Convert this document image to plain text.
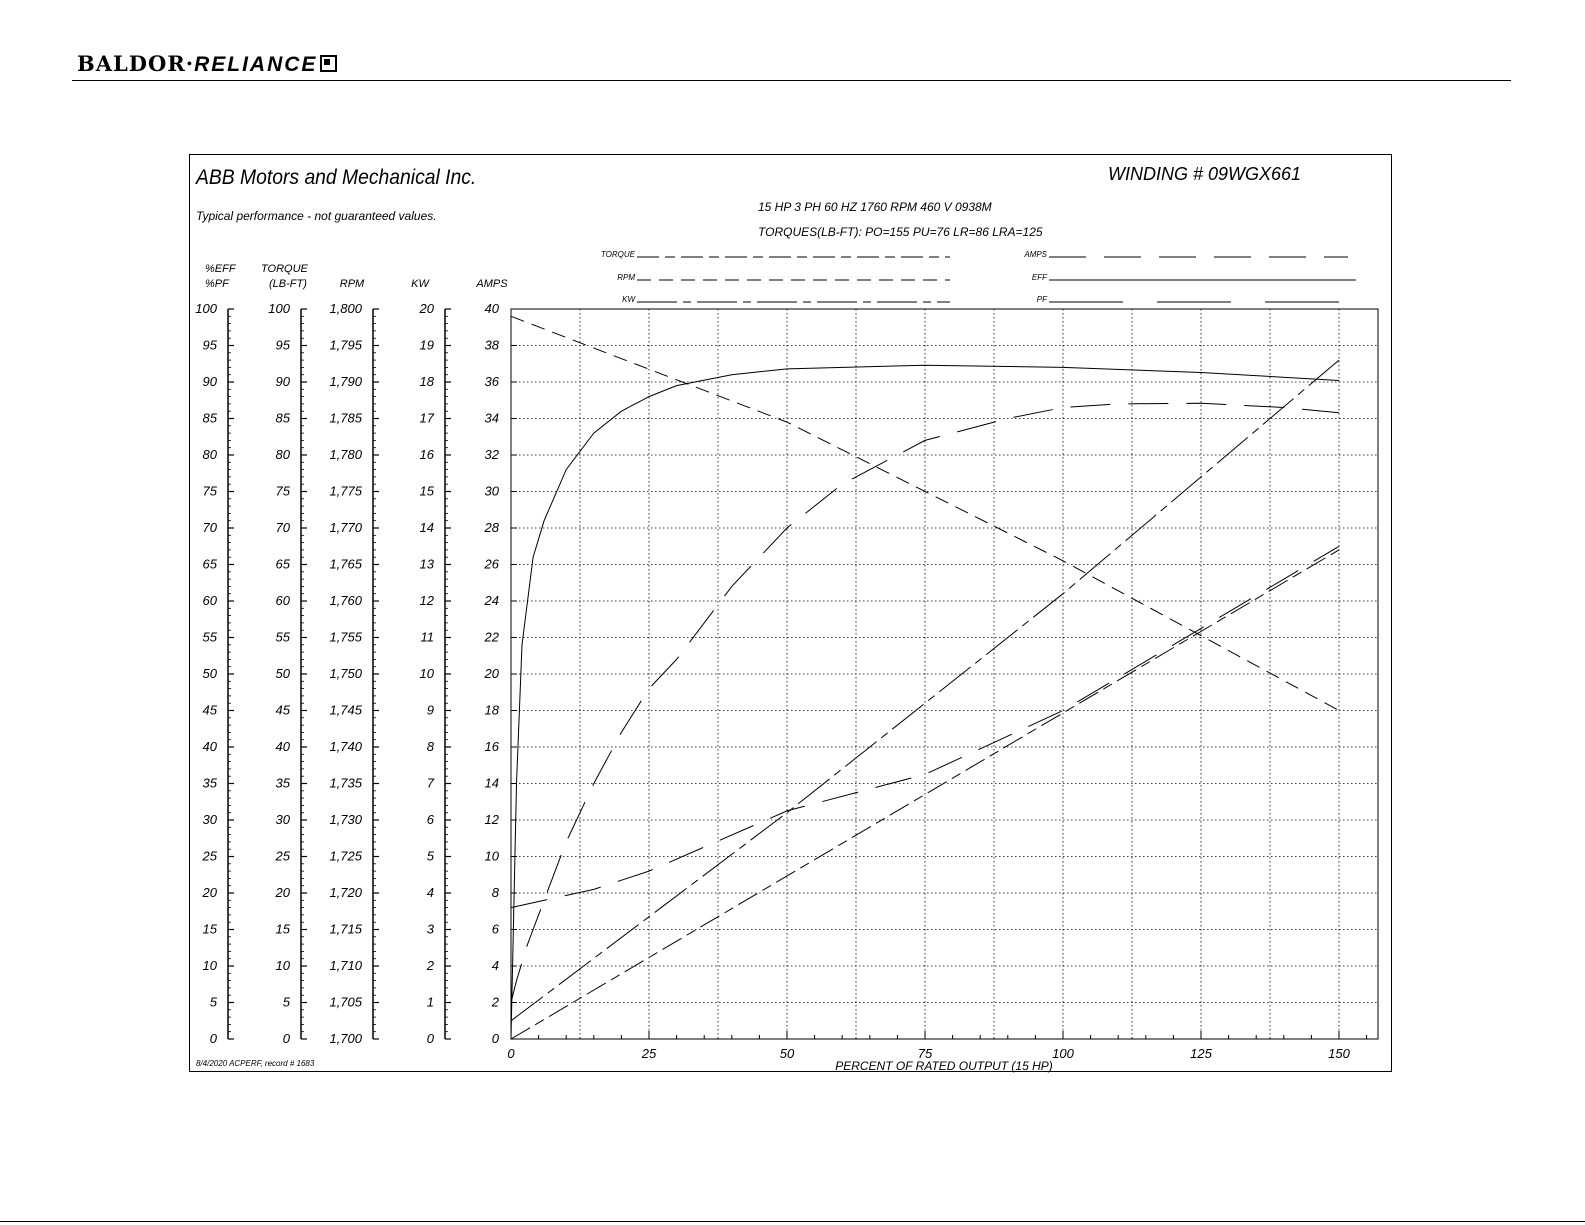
BALDOR·RELIANCE
ABB Motors and Mechanical Inc.
Typical performance - not guaranteed values.
WINDING # 09WGX661
15 HP 3 PH 60 HZ 1760 RPM 460 V 0938M
TORQUES(LB-FT): PO=155 PU=76 LR=86 LRA=125
0	25	50	75	100	125	150
PERCENT OF RATED OUTPUT (15 HP)
100
95
90
85
80
75
70
65
60
55
50
45
40
35
30
25
20
15
10
5
0
100
95
90
85
80
75
70
65
60
55
50
45
40
35
30
25
20
15
10
5
0
1,800
1,795
1,790
1,785
1,780
1,775
1,770
1,765
1,760
1,755
1,750
1,745
1,740
1,735
1,730
1,725
1,720
1,715
1,710
1,705
1,700
20
19
18
17
16
15
14
13
12
11
10
9
8
7
6
5
4
3
2
1
0
40
38
36
34
32
30
28
26
24
22
20
18
16
14
12
10
8
6
4
2
0
%EFF
%PF
TORQUE
(LB-FT)	RPM	KW	AMPS
TORQUE
RPM
KW
AMPS
EFF
PF
8/4/2020 ACPERF, record # 1683
